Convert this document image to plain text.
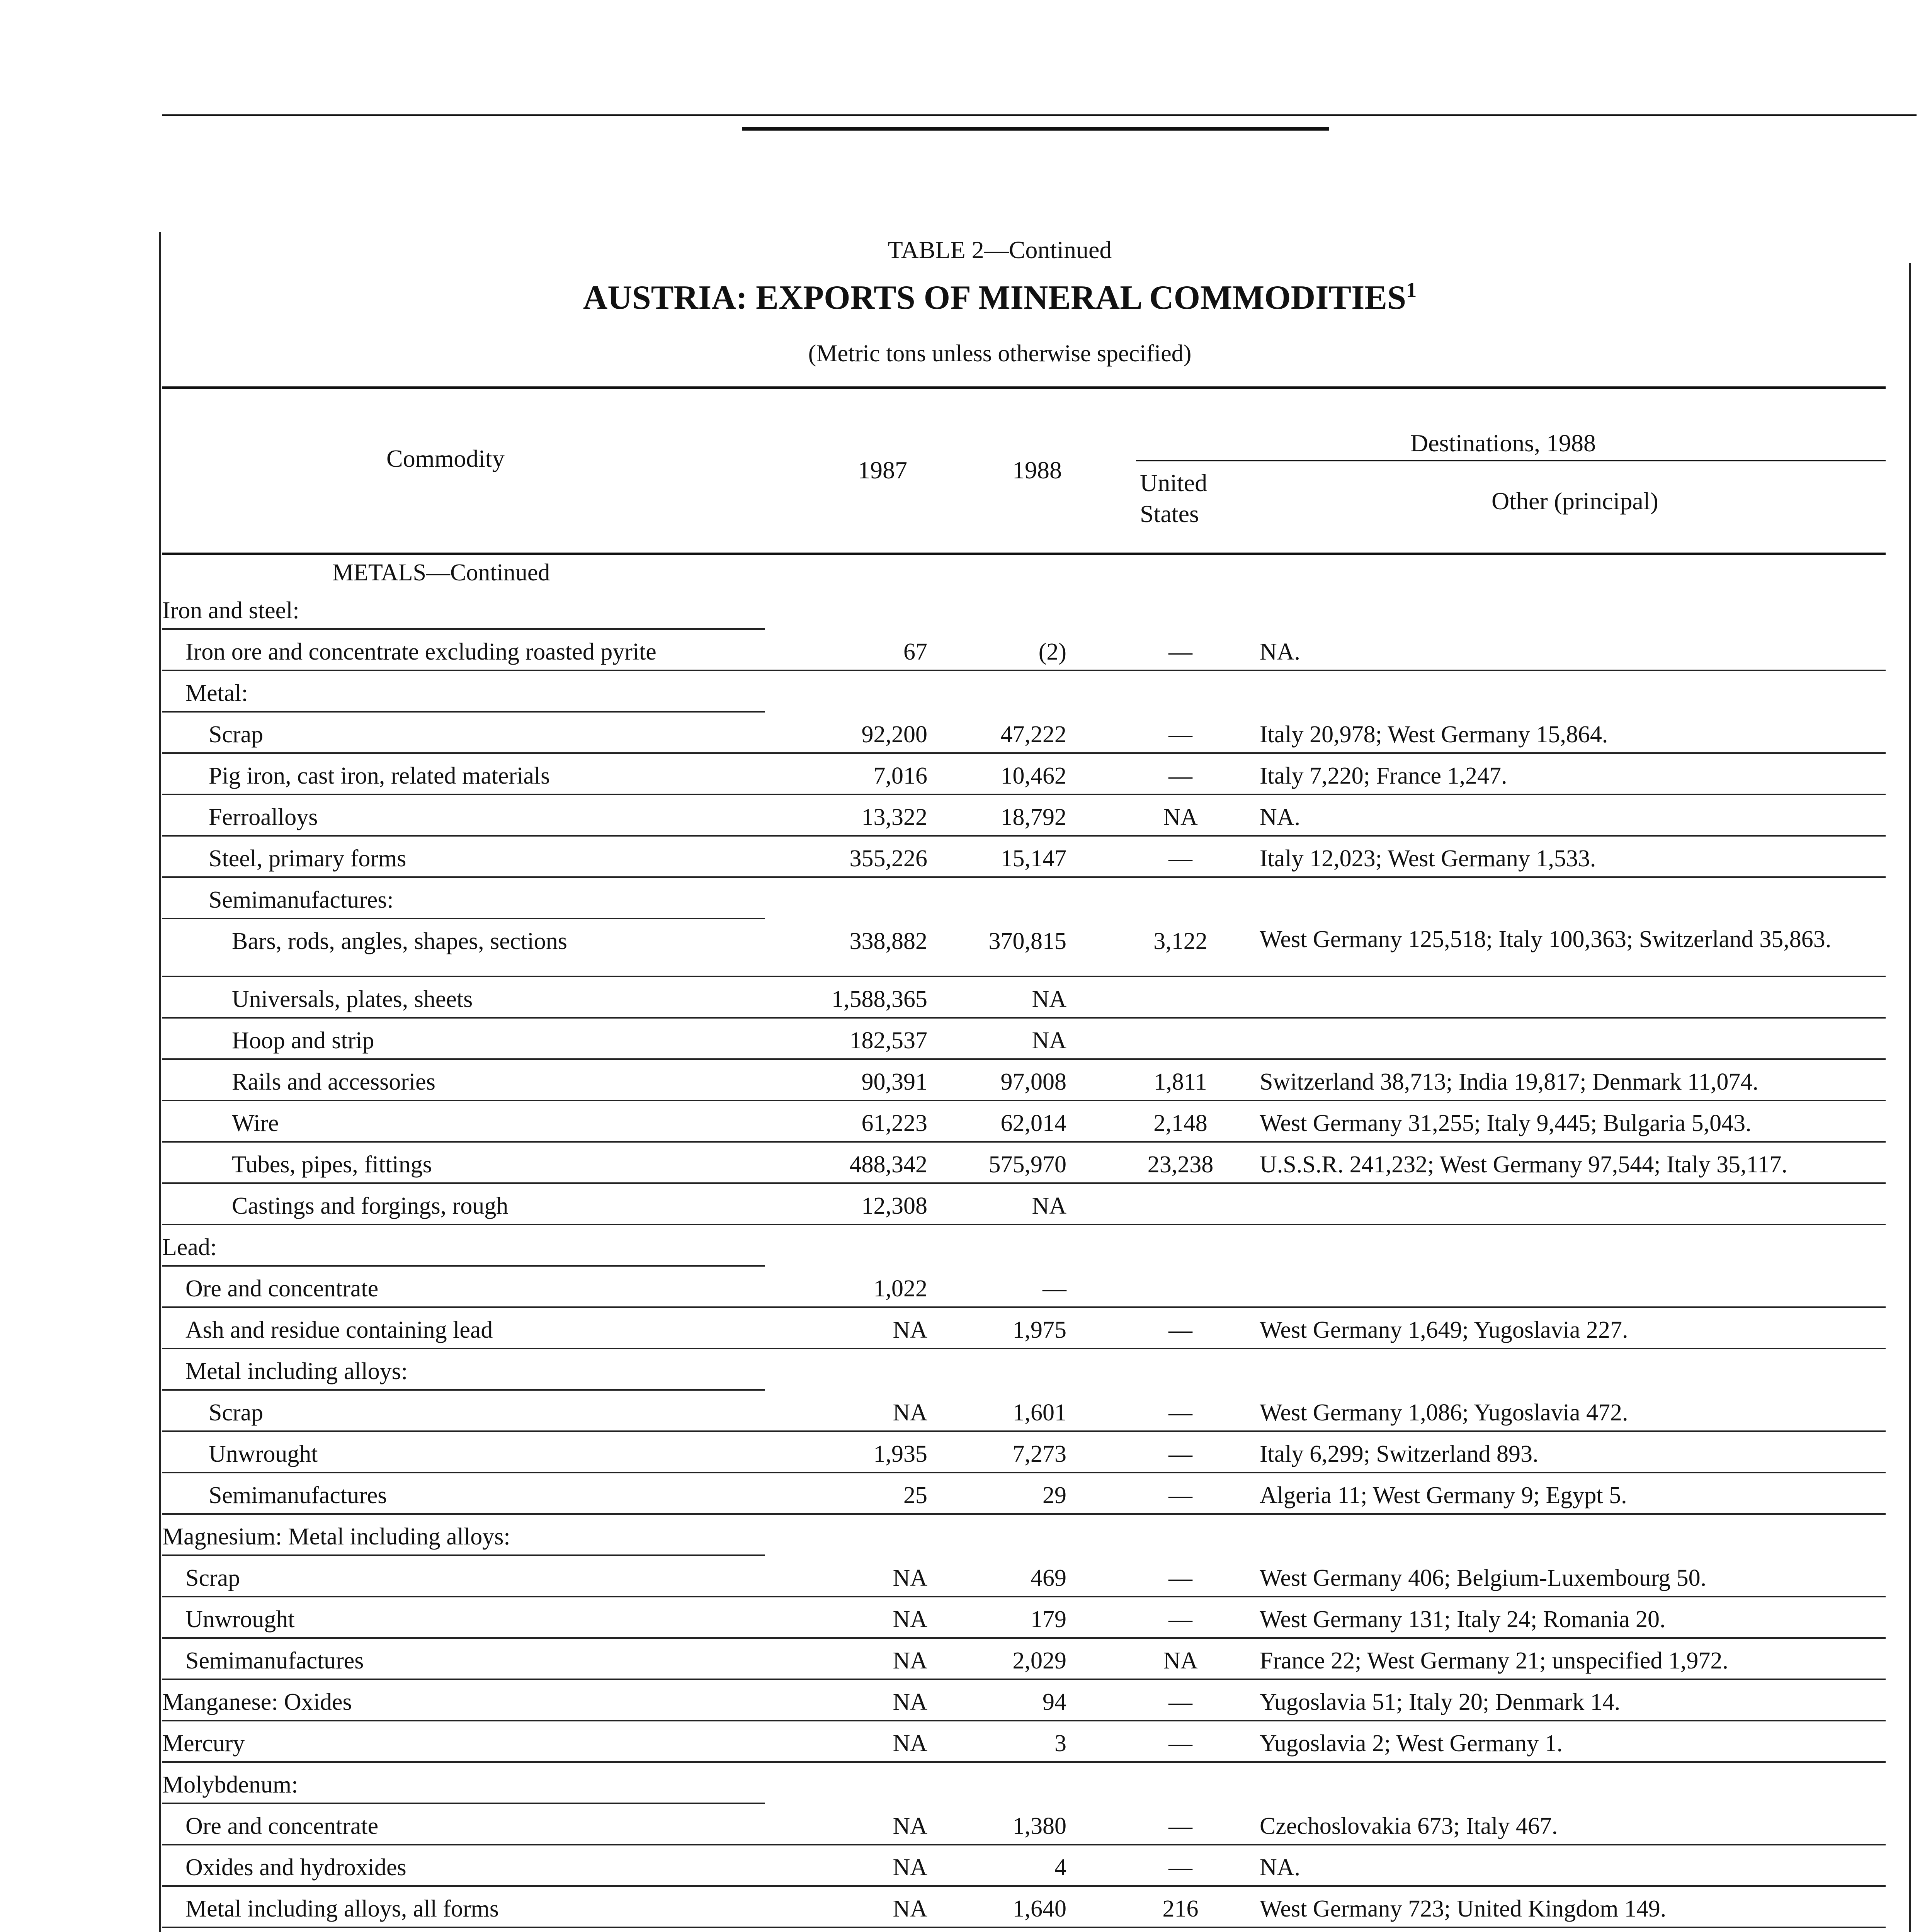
TABLE 2—Continued
AUSTRIA: EXPORTS OF MINERAL COMMODITIES$^1$
(Metric tons unless otherwise specified)
Commodity	1987	1988
Destinations, 1988
United States	Other (principal)
METALS—Continued
Iron and steel:
Iron ore and concentrate excluding roasted pyrite	67	(2)	—	NA.
Metal:
Scrap	92,200	47,222	—	Italy 20,978; West Germany 15,864.
Pig iron, cast iron, related materials	7,016	10,462	—	Italy 7,220; France 1,247.
Ferroalloys	13,322	18,792	NA	NA.
Steel, primary forms	355,226	15,147	—	Italy 12,023; West Germany 1,533.
Semimanufactures:
Bars, rods, angles, shapes, sections	338,882	370,815	3,122	West Germany 125,518; Italy 100,363; Switzerland 35,863.
Universals, plates, sheets	1,588,365	NA
Hoop and strip	182,537	NA
Rails and accessories	90,391	97,008	1,811	Switzerland 38,713; India 19,817; Denmark 11,074.
Wire	61,223	62,014	2,148	West Germany 31,255; Italy 9,445; Bulgaria 5,043.
Tubes, pipes, fittings	488,342	575,970	23,238	U.S.S.R. 241,232; West Germany 97,544; Italy 35,117.
Castings and forgings, rough	12,308	NA
Lead:
Ore and concentrate	1,022	—
Ash and residue containing lead	NA	1,975	—	West Germany 1,649; Yugoslavia 227.
Metal including alloys:
Scrap	NA	1,601	—	West Germany 1,086; Yugoslavia 472.
Unwrought	1,935	7,273	—	Italy 6,299; Switzerland 893.
Semimanufactures	25	29	—	Algeria 11; West Germany 9; Egypt 5.
Magnesium: Metal including alloys:
Scrap	NA	469	—	West Germany 406; Belgium-Luxembourg 50.
Unwrought	NA	179	—	West Germany 131; Italy 24; Romania 20.
Semimanufactures	NA	2,029	NA	France 22; West Germany 21; unspecified 1,972.
Manganese: Oxides	NA	94	—	Yugoslavia 51; Italy 20; Denmark 14.
Mercury	NA	3	—	Yugoslavia 2; West Germany 1.
Molybdenum:
Ore and concentrate	NA	1,380	—	Czechoslovakia 673; Italy 467.
Oxides and hydroxides	NA	4	—	NA.
Metal including alloys, all forms	NA	1,640	216	West Germany 723; United Kingdom 149.
